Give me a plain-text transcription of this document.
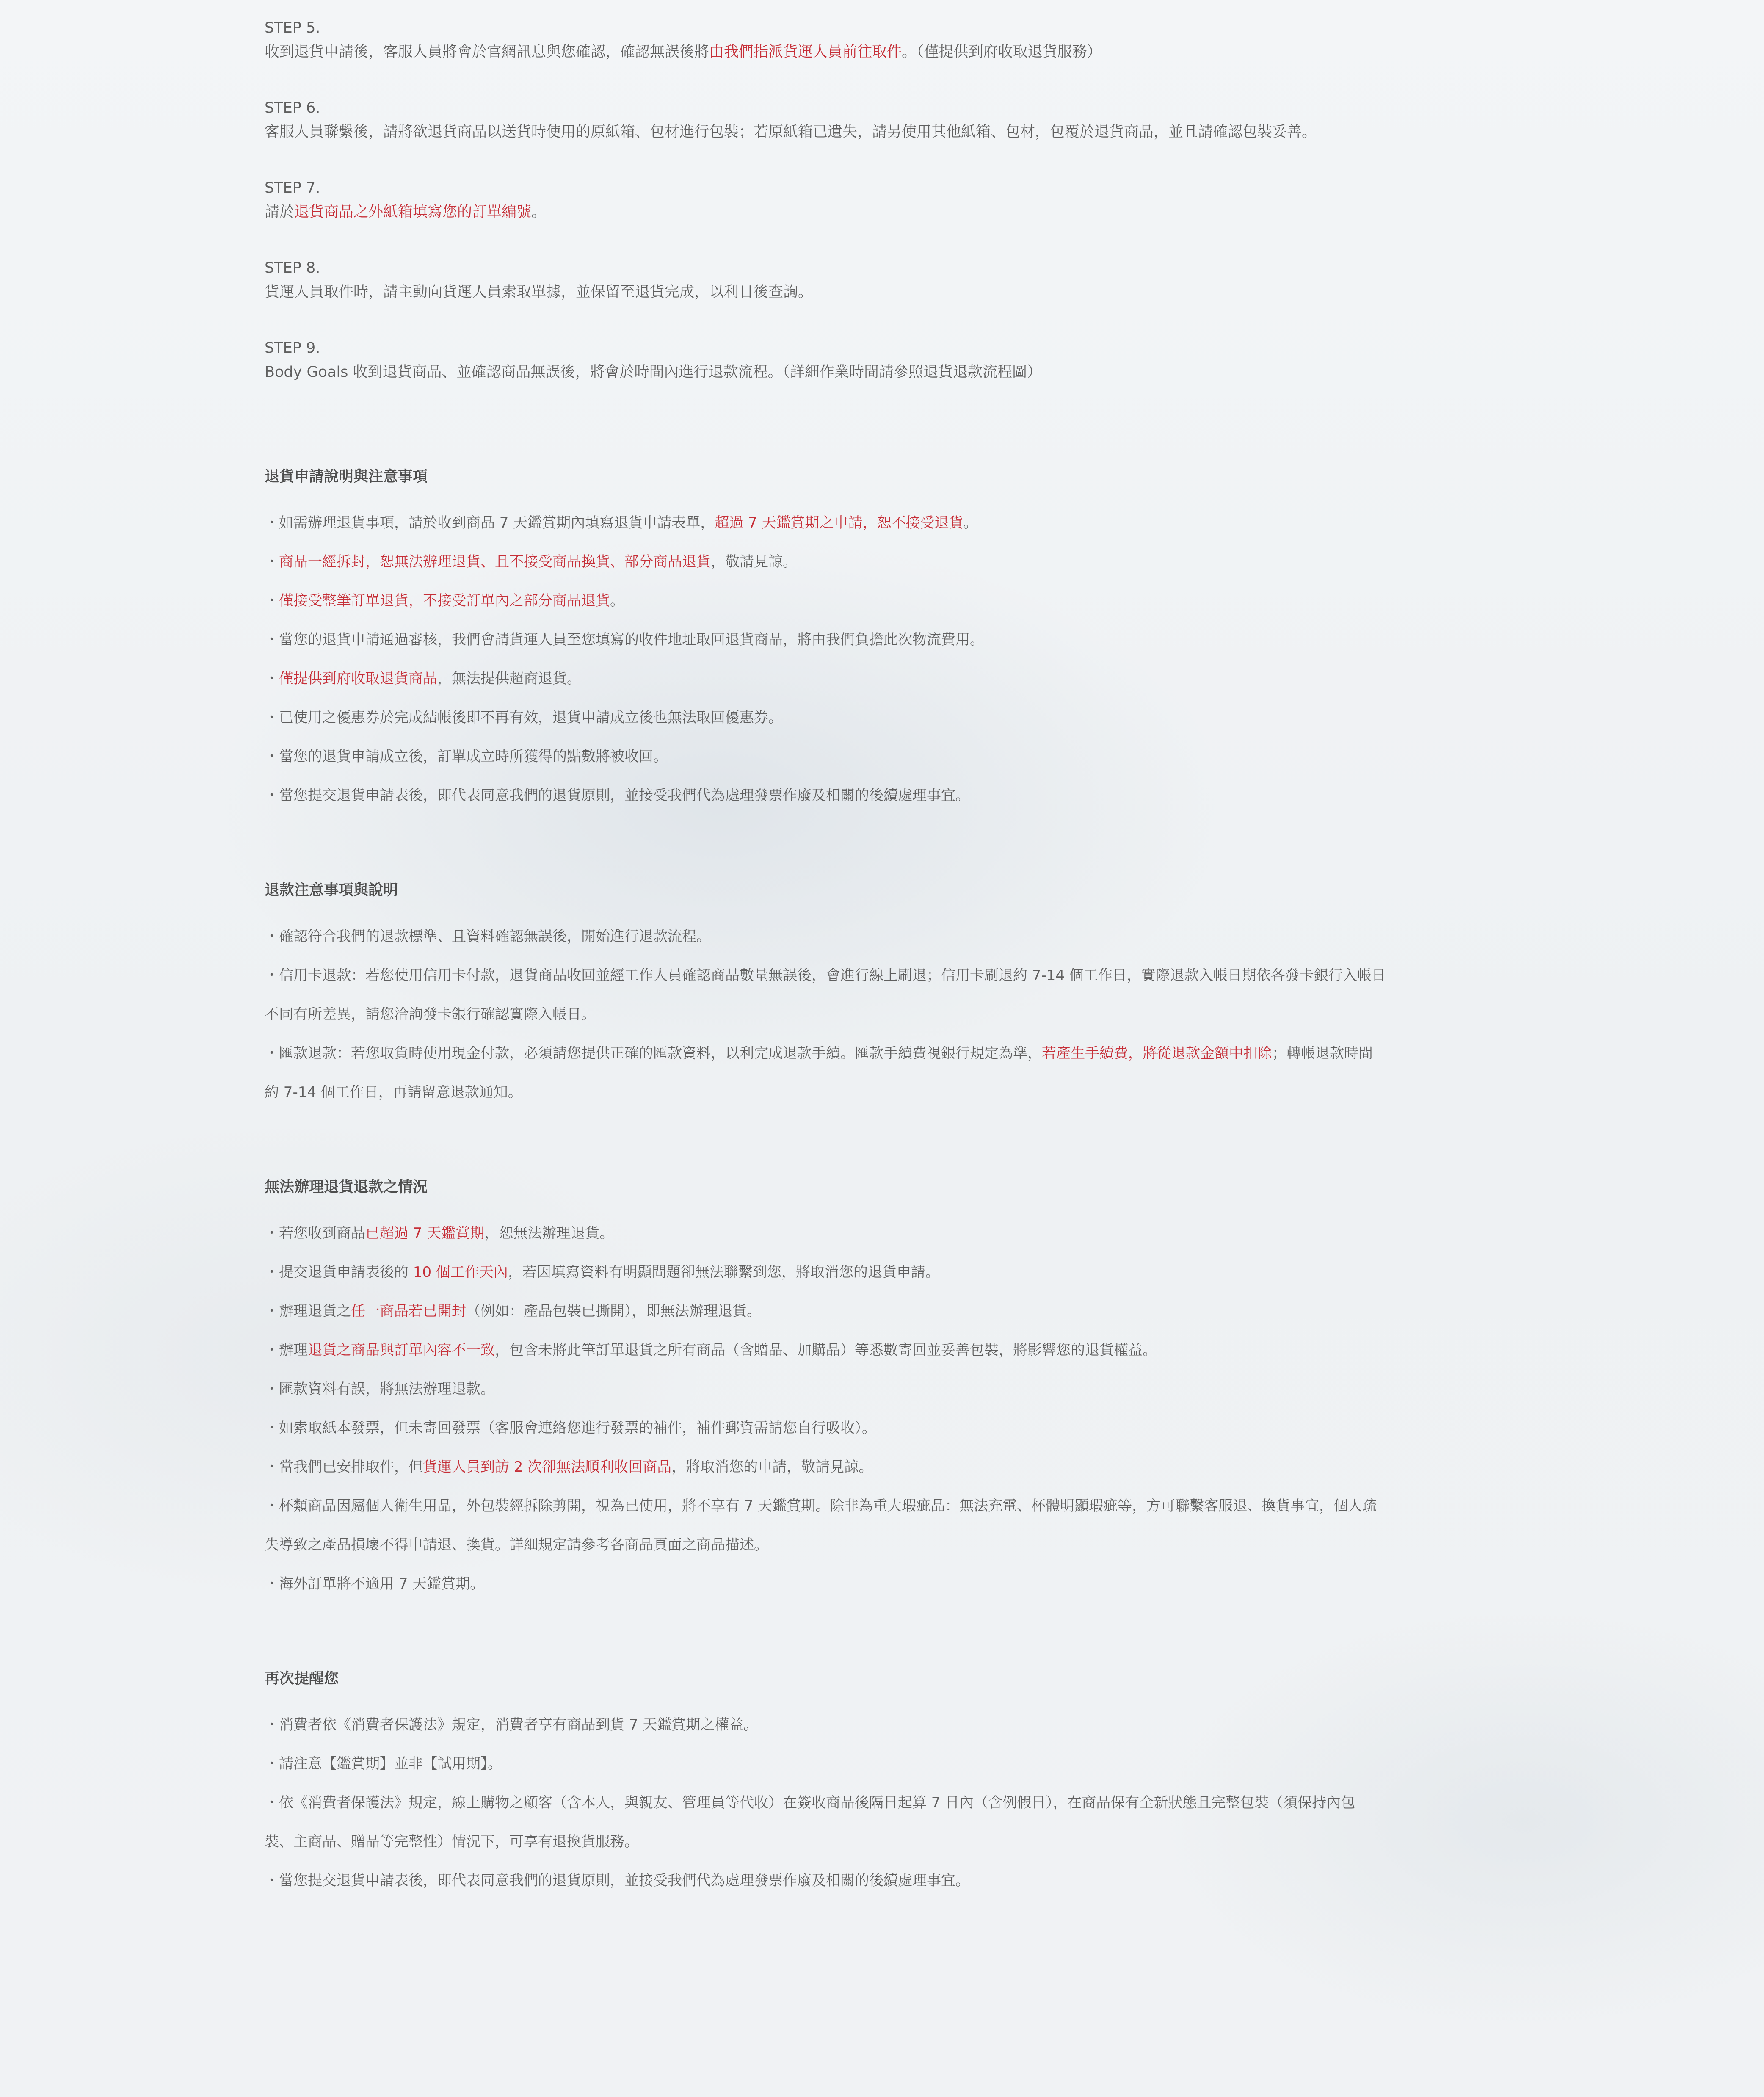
STEP 5.
收到退貨申請後，客服人員將會於官網訊息與您確認，確認無誤後將由我們指派貨運人員前往取件。（僅提供到府收取退貨服務）
STEP 6.
客服人員聯繫後，請將欲退貨商品以送貨時使用的原紙箱、包材進行包裝；若原紙箱已遺失，請另使用其他紙箱、包材，包覆於退貨商品，並且請確認包裝妥善。
STEP 7.
請於退貨商品之外紙箱填寫您的訂單編號。
STEP 8.
貨運人員取件時，請主動向貨運人員索取單據，並保留至退貨完成，以利日後查詢。
STEP 9.
Body Goals 收到退貨商品、並確認商品無誤後，將會於時間內進行退款流程。（詳細作業時間請參照退貨退款流程圖）
退貨申請說明與注意事項
・如需辦理退貨事項，請於收到商品 7 天鑑賞期內填寫退貨申請表單，超過 7 天鑑賞期之申請，恕不接受退貨。
・商品一經拆封，恕無法辦理退貨、且不接受商品換貨、部分商品退貨，敬請見諒。
・僅接受整筆訂單退貨，不接受訂單內之部分商品退貨。
・當您的退貨申請通過審核，我們會請貨運人員至您填寫的收件地址取回退貨商品，將由我們負擔此次物流費用。
・僅提供到府收取退貨商品，無法提供超商退貨。
・已使用之優惠券於完成結帳後即不再有效，退貨申請成立後也無法取回優惠券。
・當您的退貨申請成立後，訂單成立時所獲得的點數將被收回。
・當您提交退貨申請表後，即代表同意我們的退貨原則，並接受我們代為處理發票作廢及相關的後續處理事宜。
退款注意事項與說明
・確認符合我們的退款標準、且資料確認無誤後，開始進行退款流程。
・信用卡退款：若您使用信用卡付款，退貨商品收回並經工作人員確認商品數量無誤後，會進行線上刷退；信用卡刷退約 7-14 個工作日，實際退款入帳日期依各發卡銀行入帳日
不同有所差異，請您洽詢發卡銀行確認實際入帳日。
・匯款退款：若您取貨時使用現金付款，必須請您提供正確的匯款資料，以利完成退款手續。匯款手續費視銀行規定為準，若產生手續費，將從退款金額中扣除；轉帳退款時間
約 7-14 個工作日，再請留意退款通知。
無法辦理退貨退款之情況
・若您收到商品已超過 7 天鑑賞期，恕無法辦理退貨。
・提交退貨申請表後的 10 個工作天內，若因填寫資料有明顯問題卻無法聯繫到您，將取消您的退貨申請。
・辦理退貨之任一商品若已開封（例如：產品包裝已撕開），即無法辦理退貨。
・辦理退貨之商品與訂單內容不一致，包含未將此筆訂單退貨之所有商品（含贈品、加購品）等悉數寄回並妥善包裝，將影響您的退貨權益。
・匯款資料有誤，將無法辦理退款。
・如索取紙本發票，但未寄回發票（客服會連絡您進行發票的補件，補件郵資需請您自行吸收）。
・當我們已安排取件，但貨運人員到訪 2 次卻無法順利收回商品，將取消您的申請，敬請見諒。
・杯類商品因屬個人衛生用品，外包裝經拆除剪開，視為已使用，將不享有 7 天鑑賞期。除非為重大瑕疵品：無法充電、杯體明顯瑕疵等，方可聯繫客服退、換貨事宜，個人疏
失導致之產品損壞不得申請退、換貨。詳細規定請參考各商品頁面之商品描述。
・海外訂單將不適用 7 天鑑賞期。
再次提醒您
・消費者依《消費者保護法》規定，消費者享有商品到貨 7 天鑑賞期之權益。
・請注意【鑑賞期】並非【試用期】。
・依《消費者保護法》規定，線上購物之顧客（含本人，與親友、管理員等代收）在簽收商品後隔日起算 7 日內（含例假日），在商品保有全新狀態且完整包裝（須保持內包
裝、主商品、贈品等完整性）情況下，可享有退換貨服務。
・當您提交退貨申請表後，即代表同意我們的退貨原則，並接受我們代為處理發票作廢及相關的後續處理事宜。
